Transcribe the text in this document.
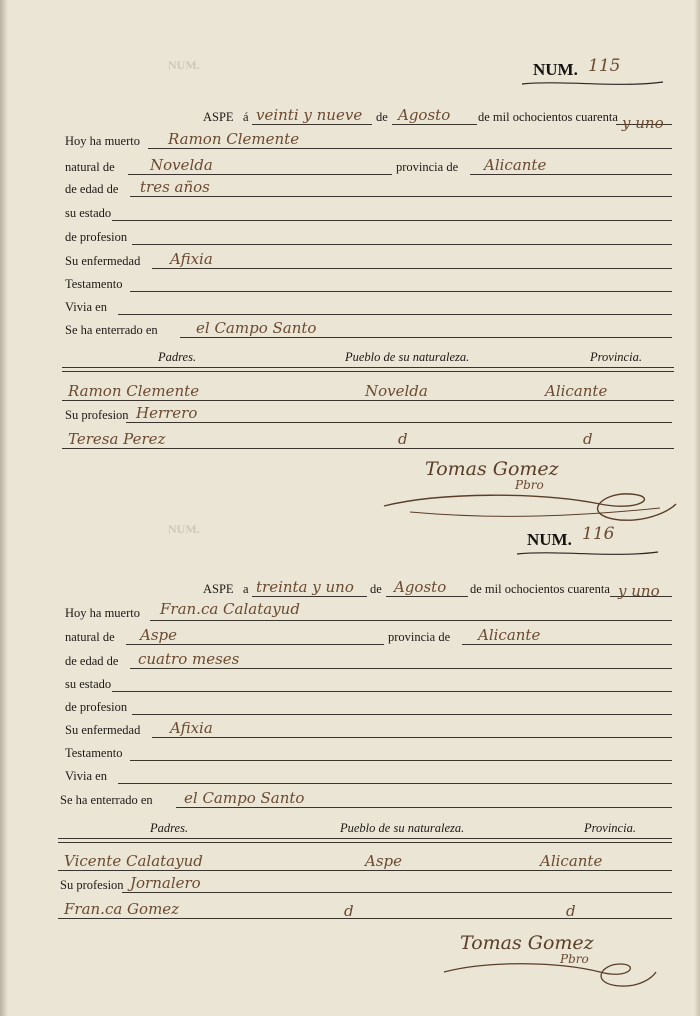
NUM.
NUM.
NUM. 115
ASPE á veinti y nueve de Agosto de mil ochocientos cuarenta y uno
Hoy ha muerto Ramon Clemente
natural de Novelda	provincia de Alicante
de edad de tres años
su estado
de profesion
Su enfermedad Afixia
Testamento
Vivia en
Se ha enterrado en	el Campo Santo
Padres.	Pueblo de su naturaleza.	Provincia.
Ramon Clemente	Novelda	Alicante
Su profesion Herrero
Teresa Perez	d	d
Tomas Gomez
Pbro
NUM. 116
ASPE a treinta y uno de Agosto de mil ochocientos cuarenta y uno
Hoy ha muerto Fran.ca Calatayud
natural de Aspe	provincia de Alicante
de edad de cuatro meses
su estado
de profesion
Su enfermedad Afixia
Testamento
Vivia en
Se ha enterrado en el Campo Santo
Padres.	Pueblo de su naturaleza.	Provincia.
Vicente Calatayud	Aspe	Alicante
Su profesion Jornalero
Fran.ca Gomez	d	d
Tomas Gomez
Pbro
